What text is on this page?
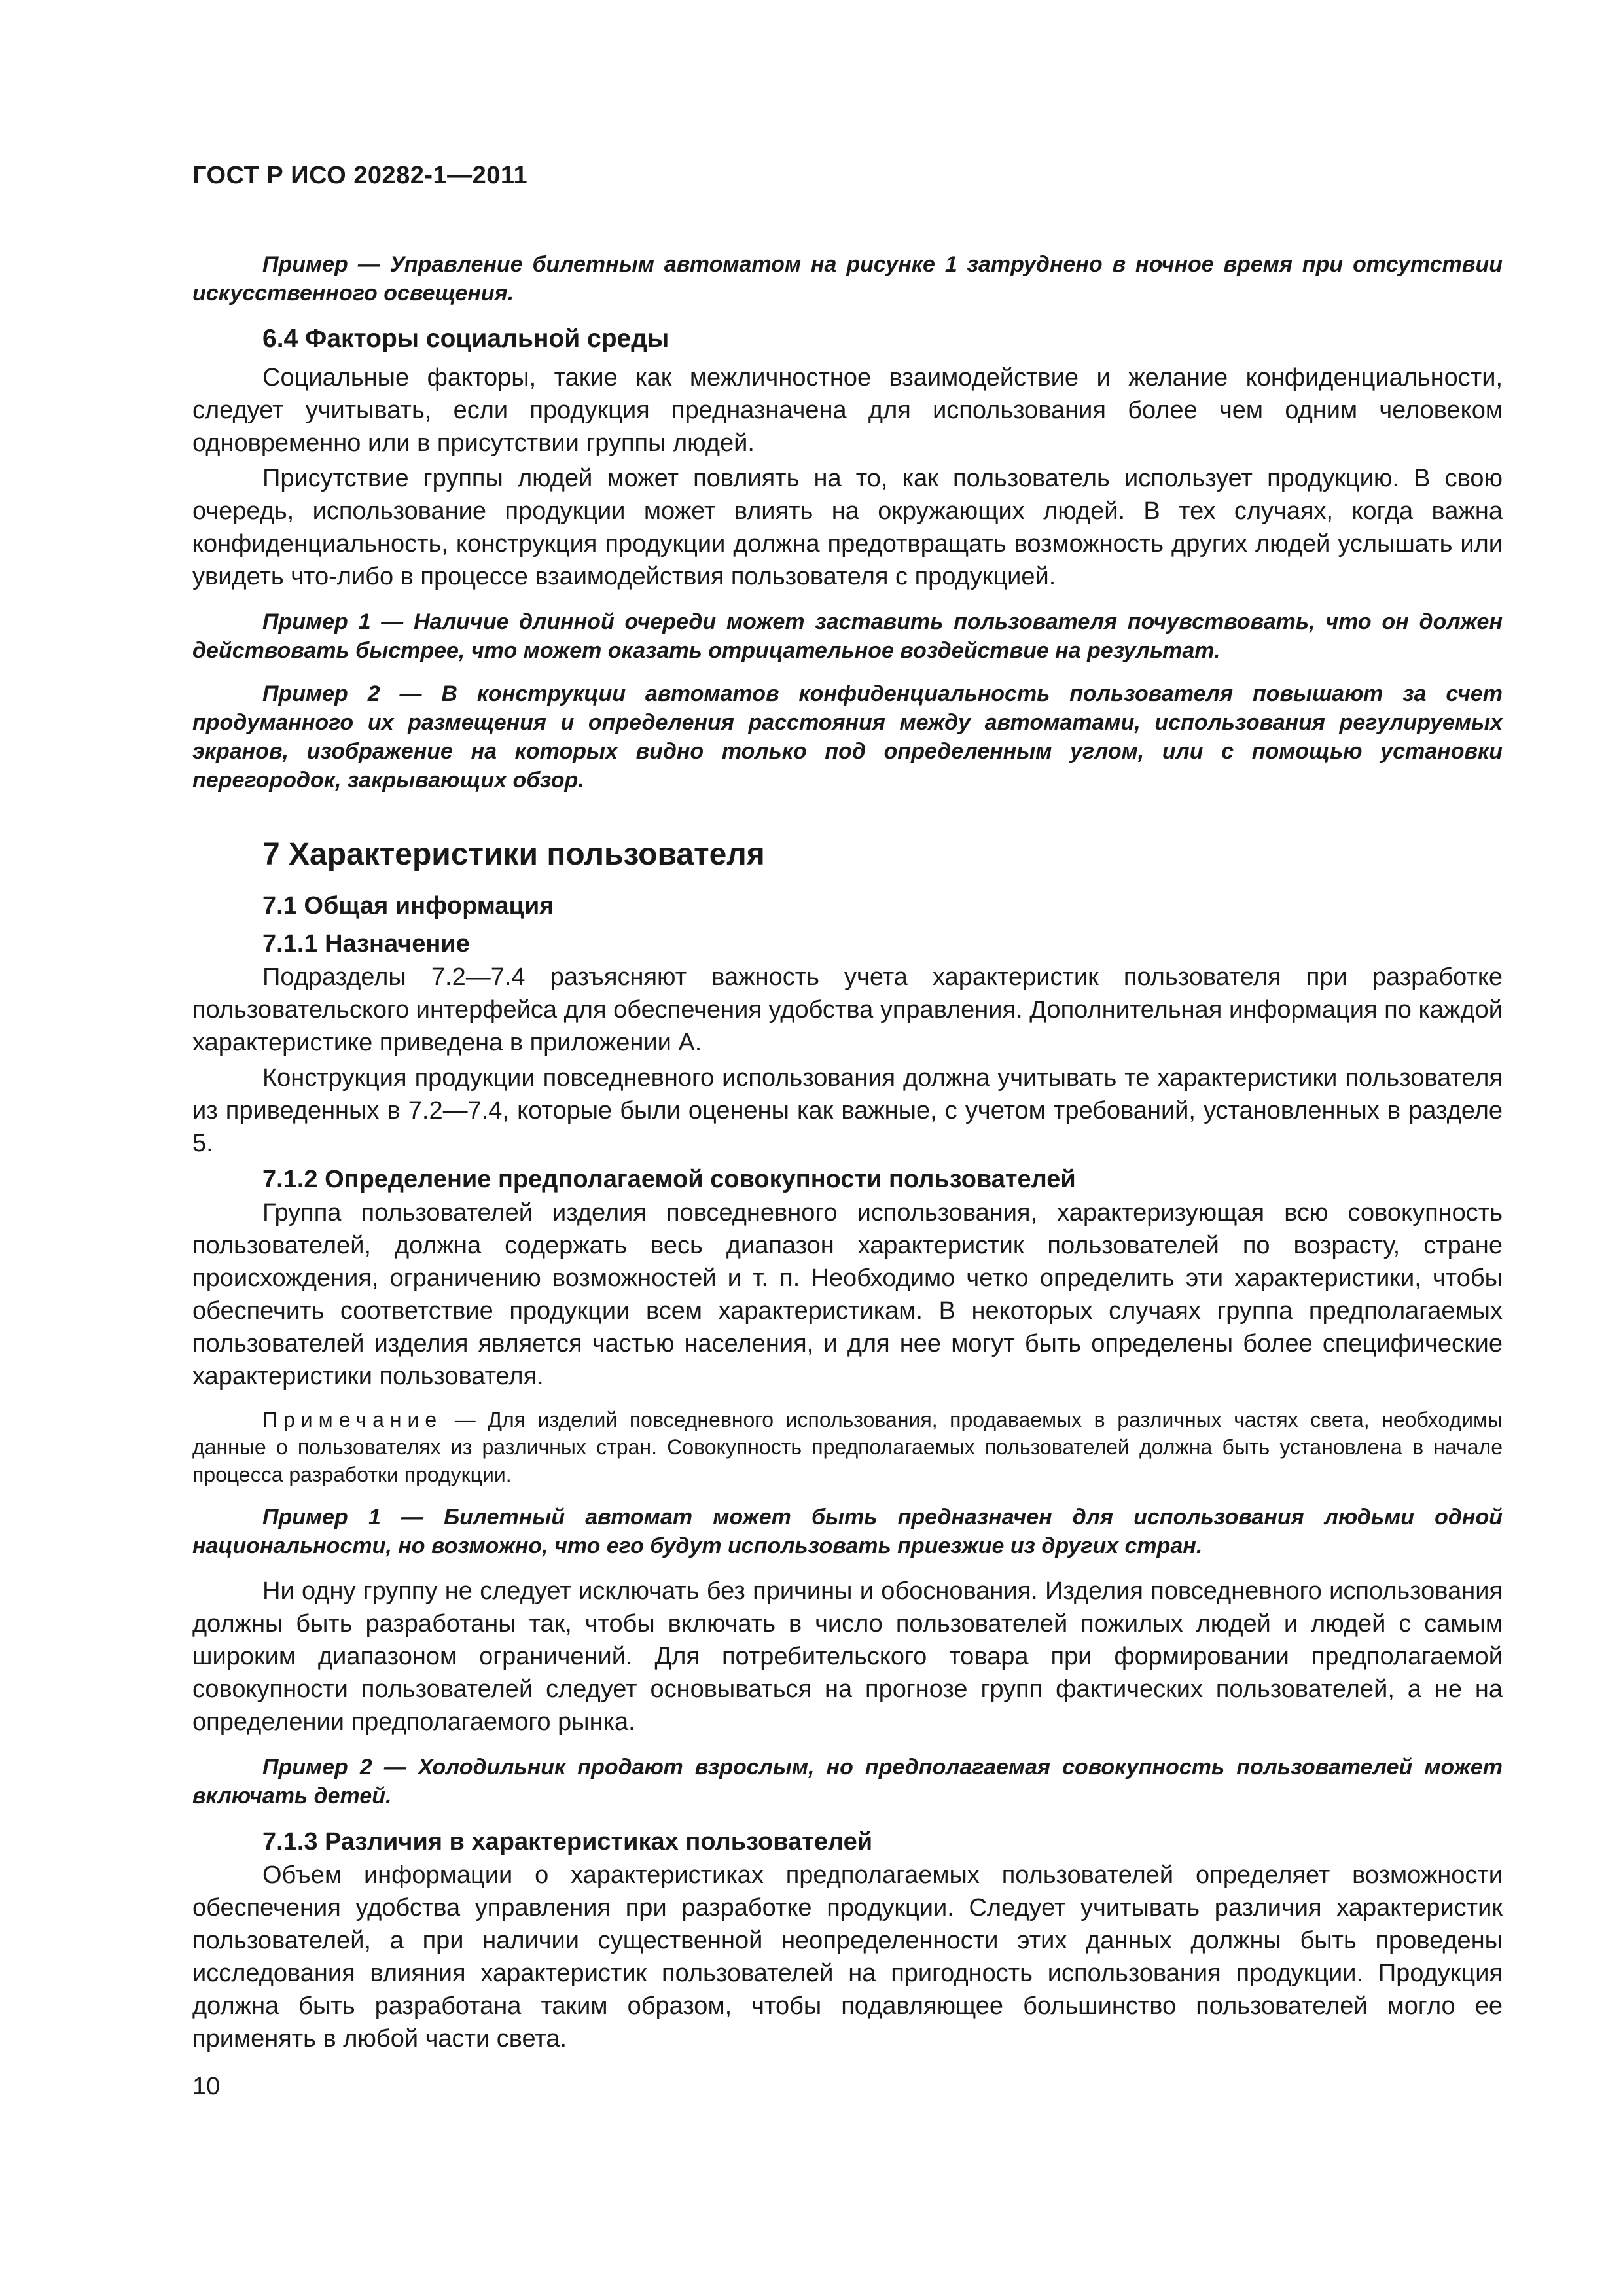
ГОСТ Р ИСО 20282-1—2011

Пример — Управление билетным автоматом на рисунке 1 затруднено в ночное время при отсутствии искусственного освещения.

6.4 Факторы социальной среды

Социальные факторы, такие как межличностное взаимодействие и желание конфиденциальности, следует учитывать, если продукция предназначена для использования более чем одним человеком одновременно или в присутствии группы людей.

Присутствие группы людей может повлиять на то, как пользователь использует продукцию. В свою очередь, использование продукции может влиять на окружающих людей. В тех случаях, когда важна конфиденциальность, конструкция продукции должна предотвращать возможность других людей услышать или увидеть что-либо в процессе взаимодействия пользователя с продукцией.

Пример 1 — Наличие длинной очереди может заставить пользователя почувствовать, что он должен действовать быстрее, что может оказать отрицательное воздействие на результат.

Пример 2 — В конструкции автоматов конфиденциальность пользователя повышают за счет продуманного их размещения и определения расстояния между автоматами, использования регулируемых экранов, изображение на которых видно только под определенным углом, или с помощью установки перегородок, закрывающих обзор.

7 Характеристики пользователя

7.1 Общая информация

7.1.1 Назначение

Подразделы 7.2—7.4 разъясняют важность учета характеристик пользователя при разработке пользовательского интерфейса для обеспечения удобства управления. Дополнительная информация по каждой характеристике приведена в приложении А.

Конструкция продукции повседневного использования должна учитывать те характеристики пользователя из приведенных в 7.2—7.4, которые были оценены как важные, с учетом требований, установленных в разделе 5.

7.1.2 Определение предполагаемой совокупности пользователей

Группа пользователей изделия повседневного использования, характеризующая всю совокупность пользователей, должна содержать весь диапазон характеристик пользователей по возрасту, стране происхождения, ограничению возможностей и т. п. Необходимо четко определить эти характеристики, чтобы обеспечить соответствие продукции всем характеристикам. В некоторых случаях группа предполагаемых пользователей изделия является частью населения, и для нее могут быть определены более специфические характеристики пользователя.

Примечание — Для изделий повседневного использования, продаваемых в различных частях света, необходимы данные о пользователях из различных стран. Совокупность предполагаемых пользователей должна быть установлена в начале процесса разработки продукции.

Пример 1 — Билетный автомат может быть предназначен для использования людьми одной национальности, но возможно, что его будут использовать приезжие из других стран.

Ни одну группу не следует исключать без причины и обоснования. Изделия повседневного использования должны быть разработаны так, чтобы включать в число пользователей пожилых людей и людей с самым широким диапазоном ограничений. Для потребительского товара при формировании предполагаемой совокупности пользователей следует основываться на прогнозе групп фактических пользователей, а не на определении предполагаемого рынка.

Пример 2 — Холодильник продают взрослым, но предполагаемая совокупность пользователей может включать детей.

7.1.3 Различия в характеристиках пользователей

Объем информации о характеристиках предполагаемых пользователей определяет возможности обеспечения удобства управления при разработке продукции. Следует учитывать различия характеристик пользователей, а при наличии существенной неопределенности этих данных должны быть проведены исследования влияния характеристик пользователей на пригодность использования продукции. Продукция должна быть разработана таким образом, чтобы подавляющее большинство пользователей могло ее применять в любой части света.

10
